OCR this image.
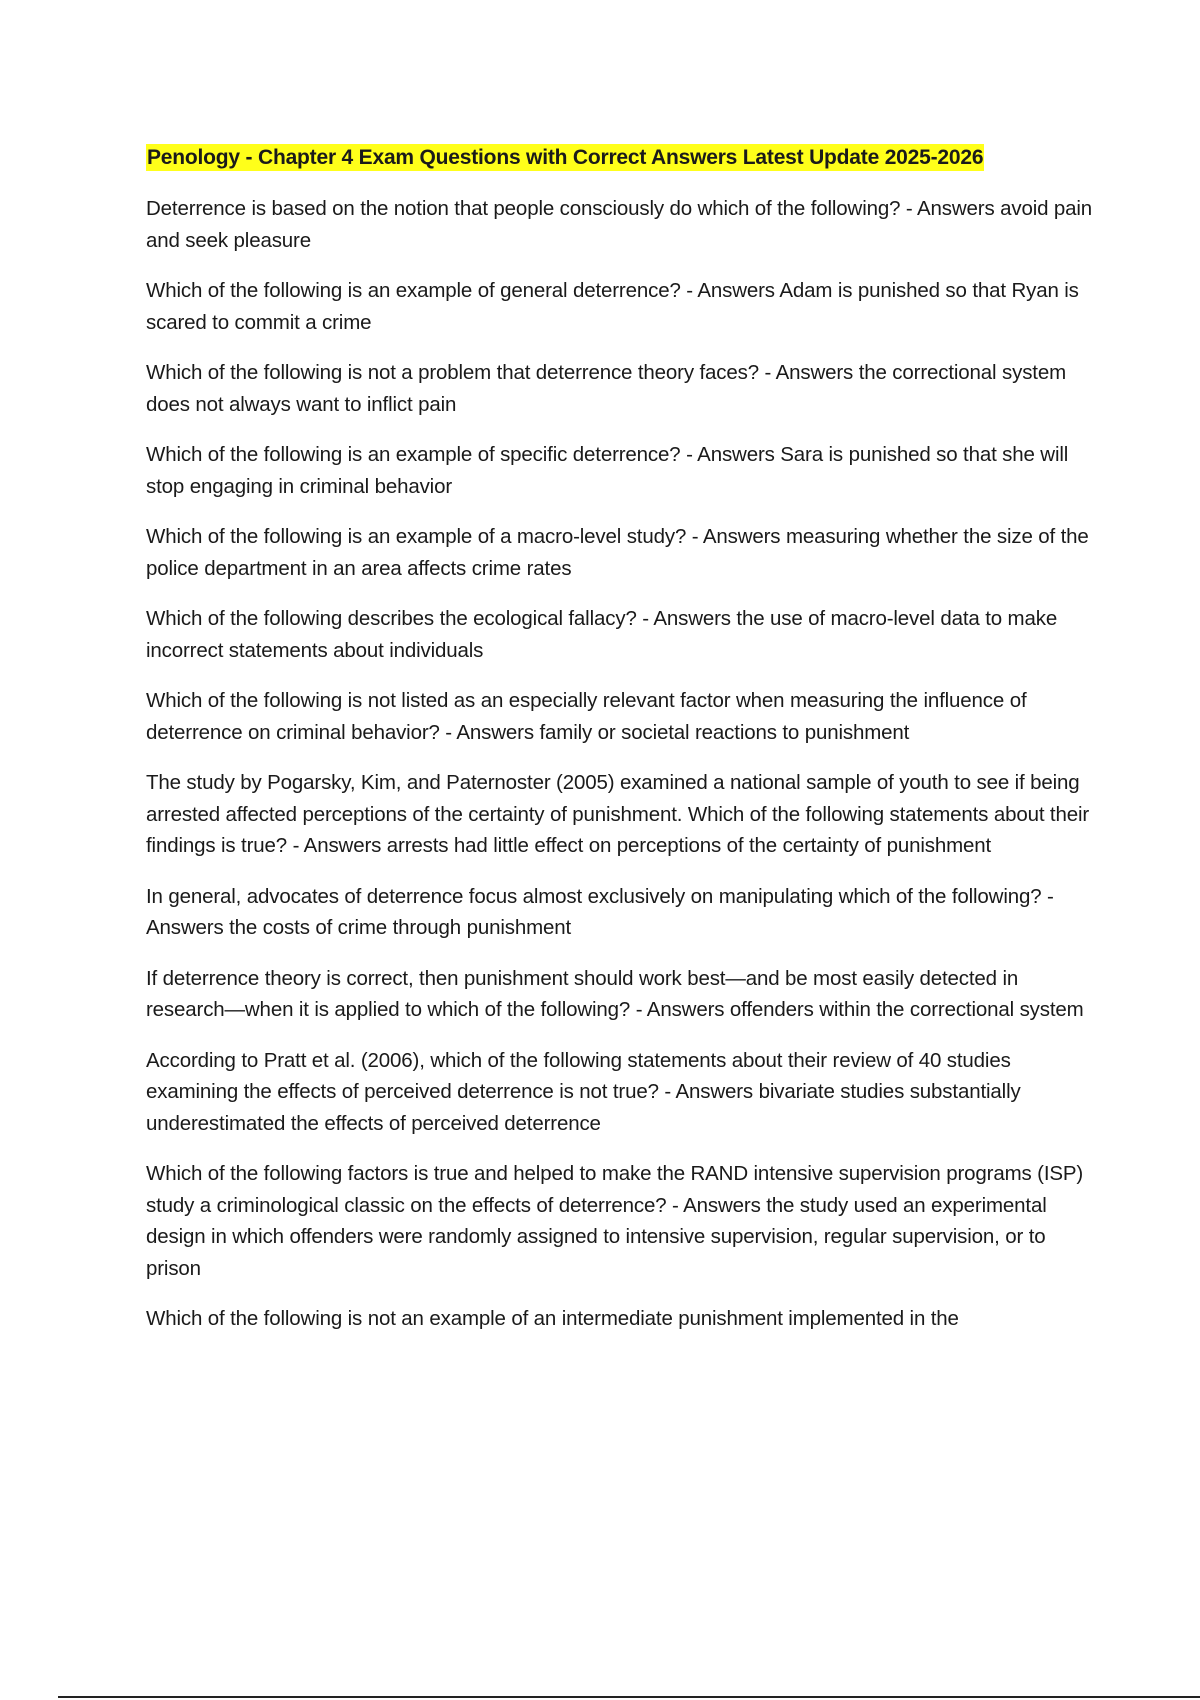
Penology - Chapter 4 Exam Questions with Correct Answers Latest Update 2025-2026

Deterrence is based on the notion that people consciously do which of the following? - Answers avoid pain and seek pleasure

Which of the following is an example of general deterrence? - Answers Adam is punished so that Ryan is scared to commit a crime

Which of the following is not a problem that deterrence theory faces? - Answers the correctional system does not always want to inflict pain

Which of the following is an example of specific deterrence? - Answers Sara is punished so that she will stop engaging in criminal behavior

Which of the following is an example of a macro-level study? - Answers measuring whether the size of the police department in an area affects crime rates

Which of the following describes the ecological fallacy? - Answers the use of macro-level data to make incorrect statements about individuals

Which of the following is not listed as an especially relevant factor when measuring the influence of deterrence on criminal behavior? - Answers family or societal reactions to punishment

The study by Pogarsky, Kim, and Paternoster (2005) examined a national sample of youth to see if being arrested affected perceptions of the certainty of punishment. Which of the following statements about their findings is true? - Answers arrests had little effect on perceptions of the certainty of punishment

In general, advocates of deterrence focus almost exclusively on manipulating which of the following? - Answers the costs of crime through punishment

If deterrence theory is correct, then punishment should work best—and be most easily detected in research—when it is applied to which of the following? - Answers offenders within the correctional system

According to Pratt et al. (2006), which of the following statements about their review of 40 studies examining the effects of perceived deterrence is not true? - Answers bivariate studies substantially underestimated the effects of perceived deterrence

Which of the following factors is true and helped to make the RAND intensive supervision programs (ISP) study a criminological classic on the effects of deterrence? - Answers the study used an experimental design in which offenders were randomly assigned to intensive supervision, regular supervision, or to prison

Which of the following is not an example of an intermediate punishment implemented in the
